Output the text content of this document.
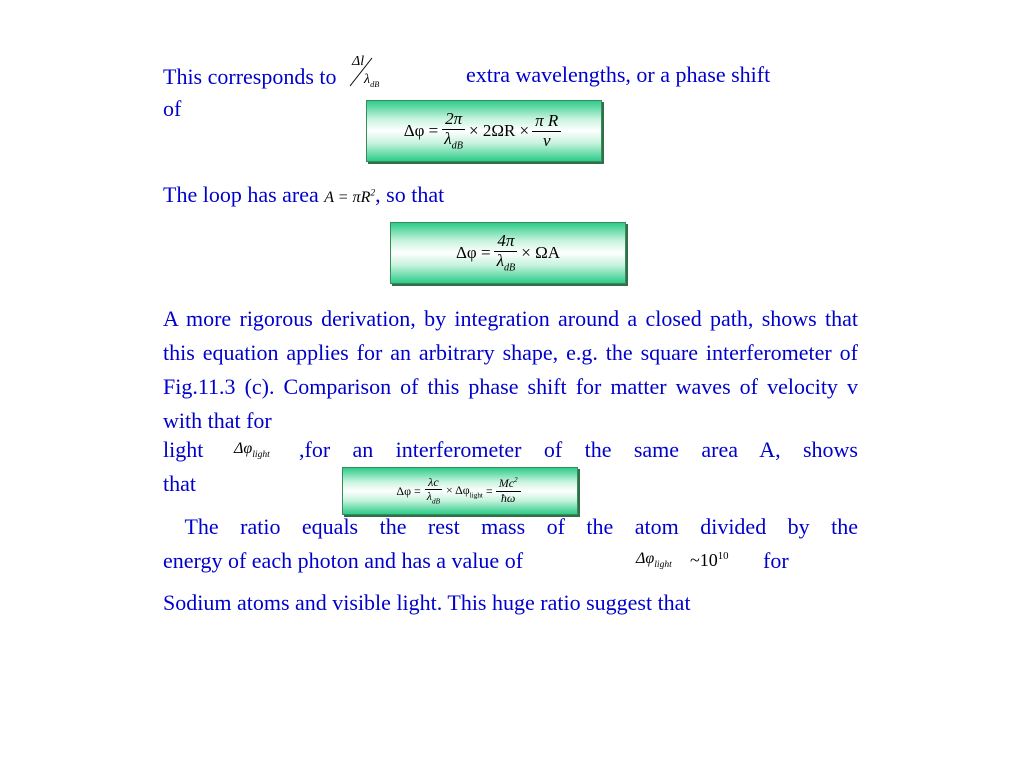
This corresponds to
Δl
$\lambda_{dB}$	extra wavelengths, or a phase shift
of
$\Delta\varphi = \frac{2\pi}{\lambda_{dB}} \times 2\Omega R \times \frac{\text{π R}}{v}$
The loop has area $A = \pi R^2$, so that
$\Delta\varphi = \frac{4\pi}{\lambda_{dB}} \times \Omega A$
A more rigorous derivation, by integration around a closed path, shows that this equation applies for an arbitrary shape, e.g. the square interferometer of Fig.11.3 (c). Comparison of this phase shift for matter waves of velocity v with that for
light $\Delta\varphi_{light}$ ,for an interferometer of the same area A, shows
that	$\Delta\varphi = \frac{\lambda c}{\lambda_{dB}} \times \Delta\varphi_{light} = \frac{Mc^2}{ħ\omega}$
The ratio equals the rest mass of the atom divided by the
energy of each photon and has a value of	$\Delta\varphi_{light}$ $\sim 10^{10}$ for
Sodium atoms and visible light. This huge ratio suggest that
